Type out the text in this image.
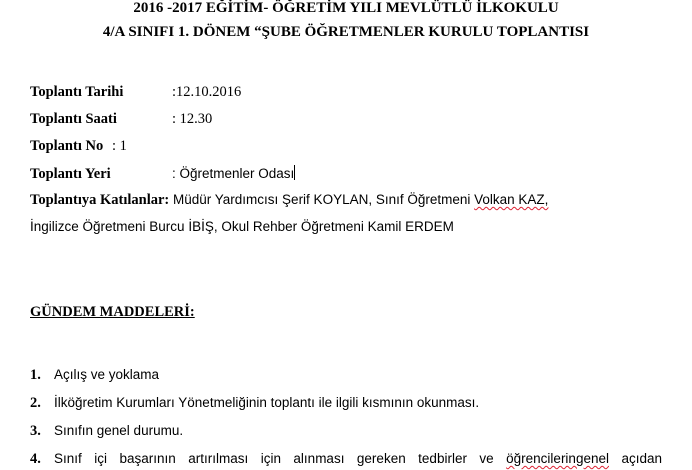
2016 -2017 EĞİTİM- ÖĞRETİM YILI MEVLÜTLÜ İLKOKULU
4/A SINIFI 1. DÖNEM “ŞUBE ÖĞRETMENLER KURULU TOPLANTISI
Toplantı Tarihi	:12.10.2016
Toplantı Saati	: 12.30
Toplantı No : 1
Toplantı Yeri	: Öğretmenler Odası
Toplantıya Katılanlar: Müdür Yardımcısı Şerif KOYLAN, Sınıf Öğretmeni Volkan KAZ,
İngilizce Öğretmeni Burcu İBİŞ, Okul Rehber Öğretmeni Kamil ERDEM
GÜNDEM MADDELERİ:
1. Açılış ve yoklama
2. İlköğretim Kurumları Yönetmeliğinin toplantı ile ilgili kısmının okunması.
3. Sınıfın genel durumu.
4. Sınıf içi başarının artırılması için alınması gereken tedbirler ve öğrencileringenel açıdan
